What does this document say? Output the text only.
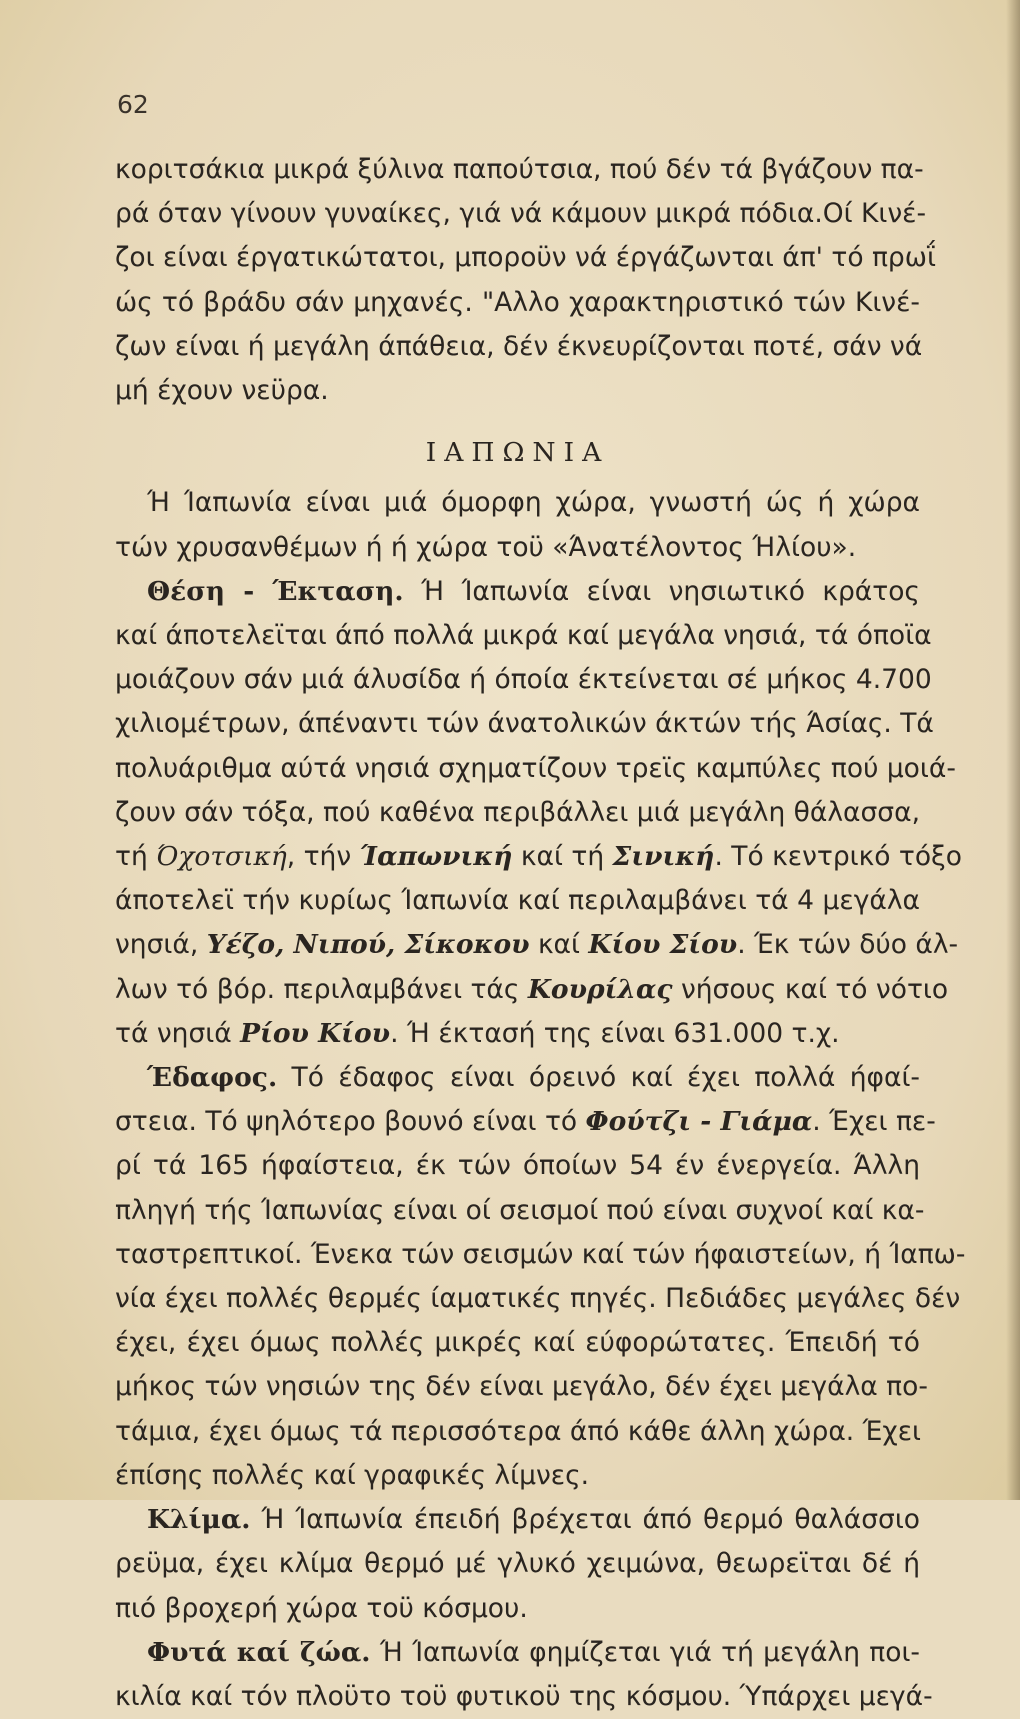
62
κοριτσάκια μικρά ξύλινα παπούτσια, πού δέν τά βγάζουν πα-
ρά όταν γίνουν γυναίκες, γιά νά κάμουν μικρά πόδια.Οί Κινέ-
ζοι είναι έργατικώτατοι, μποροϋν νά έργάζωνται άπ' τό πρωΐ
ώς τό βράδυ σάν μηχανές. "Αλλο χαρακτηριστικό τών Κινέ-
ζων είναι ή μεγάλη άπάθεια, δέν έκνευρίζονται ποτέ, σάν νά
μή έχουν νεϋρα.
ΙΑΠΩΝΙΑ
Ή Ίαπωνία είναι μιά όμορφη χώρα, γνωστή ώς ή χώρα
τών χρυσανθέμων ή ή χώρα τοϋ «Άνατέλοντος Ήλίου».
Θέση - Έκταση. Ή Ίαπωνία είναι νησιωτικό κράτος
καί άποτελεϊται άπό πολλά μικρά καί μεγάλα νησιά, τά όποϊα
μοιάζουν σάν μιά άλυσίδα ή όποία έκτείνεται σέ μήκος 4.700
χιλιομέτρων, άπέναντι τών άνατολικών άκτών τής Άσίας. Τά
πολυάριθμα αύτά νησιά σχηματίζουν τρεϊς καμπύλες πού μοιά-
ζουν σάν τόξα, πού καθένα περιβάλλει μιά μεγάλη θάλασσα,
τή Όχοτσική, τήν Ίαπωνική καί τή Σινική. Τό κεντρικό τόξο
άποτελεϊ τήν κυρίως Ίαπωνία καί περιλαμβάνει τά 4 μεγάλα
νησιά, Υέζο, Νιπού, Σίκοκου καί Κίου Σίου. Έκ τών δύο άλ-
λων τό βόρ. περιλαμβάνει τάς Κουρίλας νήσους καί τό νότιο
τά νησιά Ρίου Κίου. Ή έκτασή της είναι 631.000 τ.χ.
Έδαφος. Τό έδαφος είναι όρεινό καί έχει πολλά ήφαί-
στεια. Τό ψηλότερο βουνό είναι τό Φούτζι - Γιάμα. Έχει πε-
ρί τά 165 ήφαίστεια, έκ τών όποίων 54 έν ένεργεία. Άλλη
πληγή τής Ίαπωνίας είναι οί σεισμοί πού είναι συχνοί καί κα-
ταστρεπτικοί. Ένεκα τών σεισμών καί τών ήφαιστείων, ή Ίαπω-
νία έχει πολλές θερμές ίαματικές πηγές. Πεδιάδες μεγάλες δέν
έχει, έχει όμως πολλές μικρές καί εύφορώτατες. Έπειδή τό
μήκος τών νησιών της δέν είναι μεγάλο, δέν έχει μεγάλα πο-
τάμια, έχει όμως τά περισσότερα άπό κάθε άλλη χώρα. Έχει
έπίσης πολλές καί γραφικές λίμνες.
Κλίμα. Ή Ίαπωνία έπειδή βρέχεται άπό θερμό θαλάσσιο
ρεϋμα, έχει κλίμα θερμό μέ γλυκό χειμώνα, θεωρεϊται δέ ή
πιό βροχερή χώρα τοϋ κόσμου.
Φυτά καί ζώα. Ή Ίαπωνία φημίζεται γιά τή μεγάλη ποι-
κιλία καί τόν πλοϋτο τοϋ φυτικοϋ της κόσμου. Ύπάρχει μεγά-
